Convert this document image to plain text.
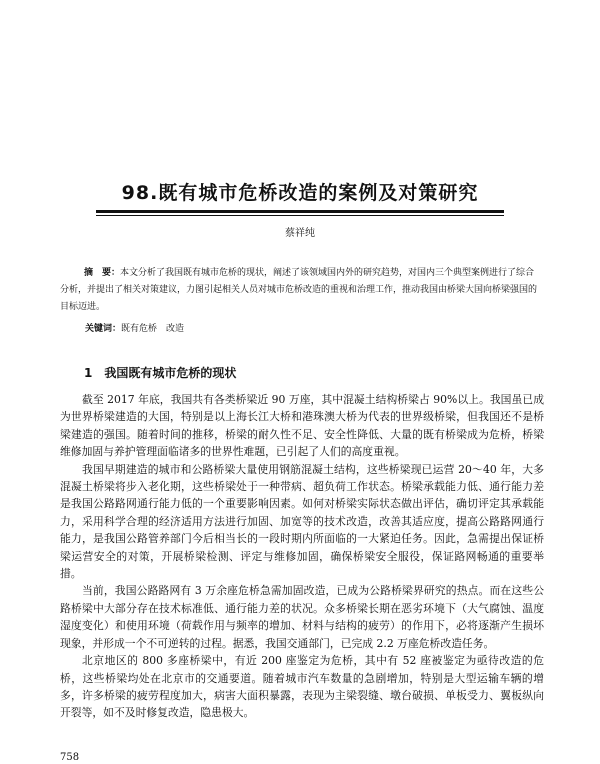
98.既有城市危桥改造的案例及对策研究
蔡祥纯
摘　要：本文分析了我国既有城市危桥的现状，阐述了该领域国内外的研究趋势，对国内三个典型案例进行了综合分析，并提出了相关对策建议，力图引起相关人员对城市危桥改造的重视和治理工作，推动我国由桥梁大国向桥梁强国的目标迈进。
关键词：既有危桥　改造
1 我国既有城市危桥的现状

截至 2017 年底，我国共有各类桥梁近 90 万座，其中混凝土结构桥梁占 90%以上。我国虽已成为世界桥梁建造的大国，特别是以上海长江大桥和港珠澳大桥为代表的世界级桥梁，但我国还不是桥梁建造的强国。随着时间的推移，桥梁的耐久性不足、安全性降低、大量的既有桥梁成为危桥，桥梁维修加固与养护管理面临诸多的世界性难题，已引起了人们的高度重视。

我国早期建造的城市和公路桥梁大量使用钢筋混凝土结构，这些桥梁现已运营 20～40 年，大多混凝土桥梁将步入老化期，这些桥梁处于一种带病、超负荷工作状态。桥梁承载能力低、通行能力差是我国公路路网通行能力低的一个重要影响因素。如何对桥梁实际状态做出评估，确切评定其承载能力，采用科学合理的经济适用方法进行加固、加宽等的技术改造，改善其适应度，提高公路路网通行能力，是我国公路管养部门今后相当长的一段时期内所面临的一大紧迫任务。因此，急需提出保证桥梁运营安全的对策，开展桥梁检测、评定与维修加固，确保桥梁安全服役，保证路网畅通的重要举措。

当前，我国公路路网有 3 万余座危桥急需加固改造，已成为公路桥梁界研究的热点。而在这些公路桥梁中大部分存在技术标准低、通行能力差的状况。众多桥梁长期在恶劣环境下（大气腐蚀、温度湿度变化）和使用环境（荷载作用与频率的增加、材料与结构的疲劳）的作用下，必将逐渐产生损坏现象，并形成一个不可逆转的过程。据悉，我国交通部门，已完成 2.2 万座危桥改造任务。

北京地区的 800 多座桥梁中，有近 200 座鉴定为危桥，其中有 52 座被鉴定为亟待改造的危桥，这些桥梁均处在北京市的交通要道。随着城市汽车数量的急剧增加，特别是大型运输车辆的增多，许多桥梁的疲劳程度加大，病害大面积暴露，表现为主梁裂缝、墩台破损、单板受力、翼板纵向开裂等，如不及时修复改造，隐患极大。

758
